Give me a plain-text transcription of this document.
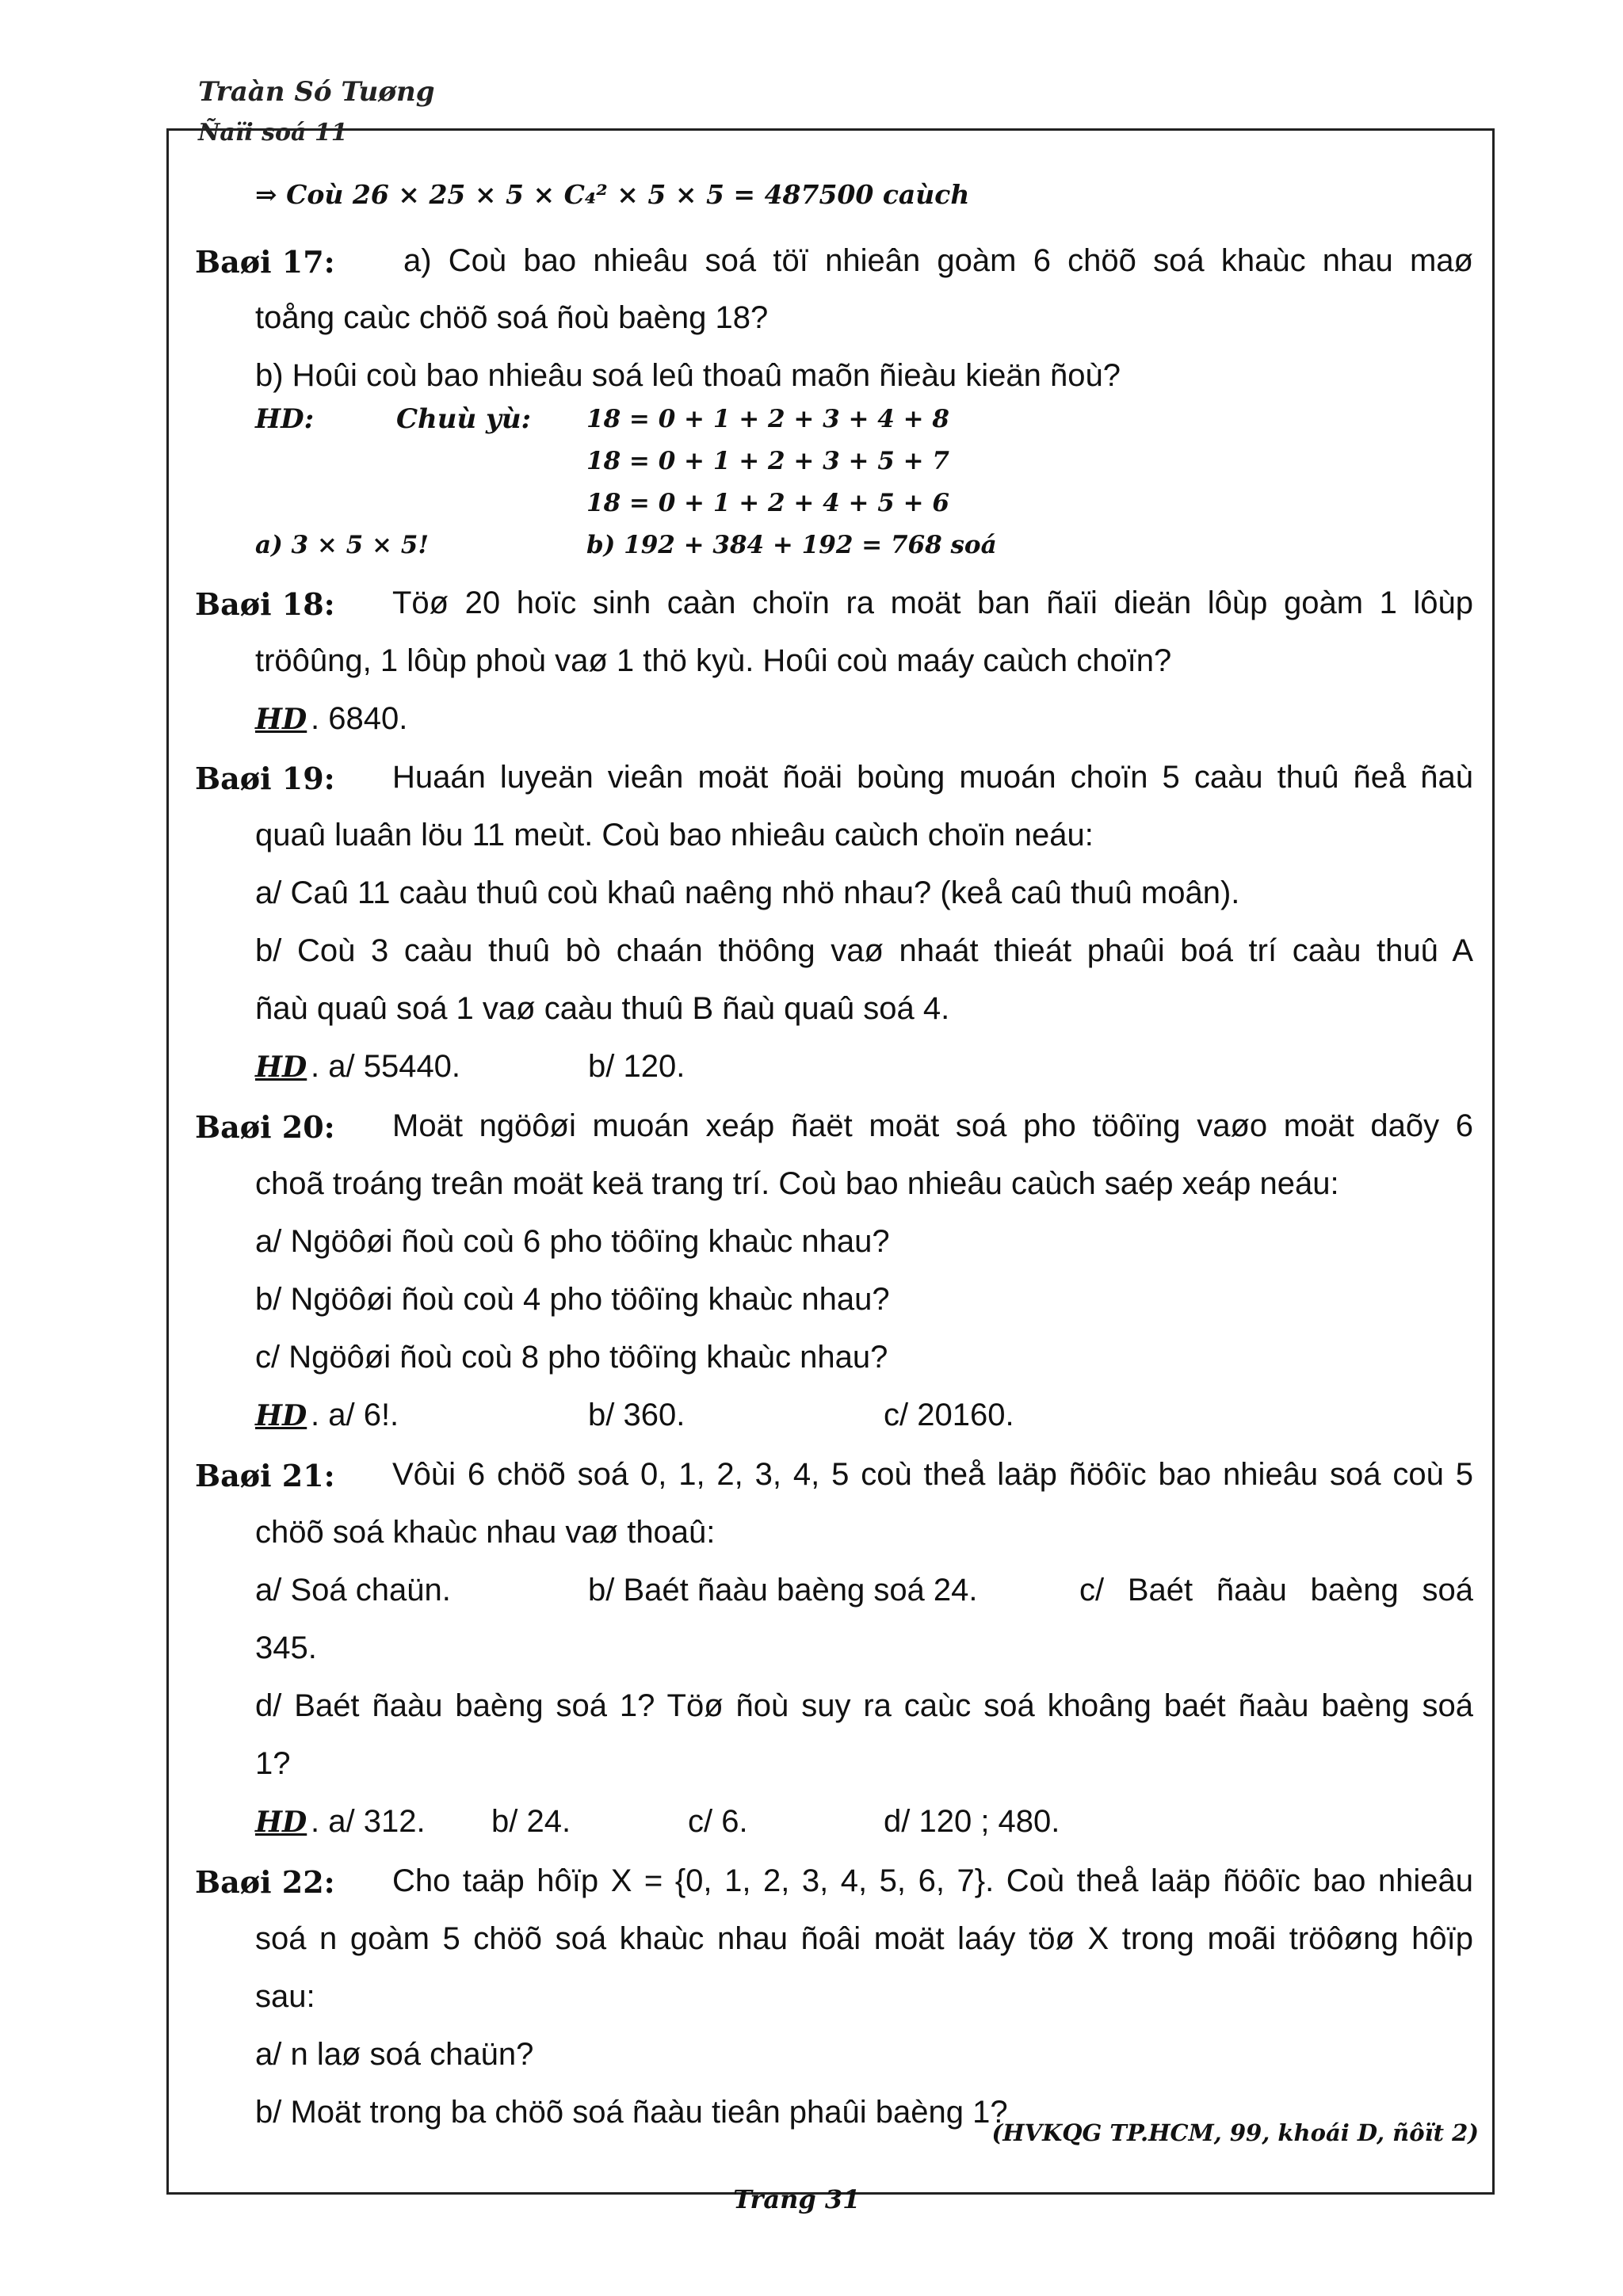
Traàn Só Tuøng
Ñaïi soá 11
⇒ Coù 26 × 25 × 5 × C₄² × 5 × 5 = 487500 caùch
Baøi 17: a) Coù bao nhieâu soá töï nhieân goàm 6 chöõ soá khaùc nhau maø
toång caùc chöõ soá ñoù baèng 18?
b) Hoûi coù bao nhieâu soá leû thoaû maõn ñieàu kieän ñoù?
HD:	Chuù yù: 18 = 0 + 1 + 2 + 3 + 4 + 8
18 = 0 + 1 + 2 + 3 + 5 + 7
18 = 0 + 1 + 2 + 4 + 5 + 6
a) 3 × 5 × 5!	b) 192 + 384 + 192 = 768 soá
Baøi 18: Töø 20 hoïc sinh caàn choïn ra moät ban ñaïi dieän lôùp goàm 1 lôùp
tröôûng, 1 lôùp phoù vaø 1 thö kyù. Hoûi coù maáy caùch choïn?
HD . 6840.
Baøi 19: Huaán luyeän vieân moät ñoäi boùng muoán choïn 5 caàu thuû ñeå ñaù
quaû luaân löu 11 meùt. Coù bao nhieâu caùch choïn neáu:
a/ Caû 11 caàu thuû coù khaû naêng nhö nhau? (keå caû thuû moân).
b/ Coù 3 caàu thuû bò chaán thöông vaø nhaát thieát phaûi boá trí caàu thuû A
ñaù quaû soá 1 vaø caàu thuû B ñaù quaû soá 4.
HD . a/ 55440.	b/ 120.
Baøi 20: Moät ngöôøi muoán xeáp ñaët moät soá pho töôïng vaøo moät daõy 6
choã troáng treân moät keä trang trí. Coù bao nhieâu caùch saép xeáp neáu:
a/ Ngöôøi ñoù coù 6 pho töôïng khaùc nhau?
b/ Ngöôøi ñoù coù 4 pho töôïng khaùc nhau?
c/ Ngöôøi ñoù coù 8 pho töôïng khaùc nhau?
HD . a/ 6!.	b/ 360.	c/ 20160.
Baøi 21: Vôùi 6 chöõ soá 0, 1, 2, 3, 4, 5 coù theå laäp ñöôïc bao nhieâu soá coù 5
chöõ soá khaùc nhau vaø thoaû:
a/ Soá chaün.	b/ Baét ñaàu baèng soá 24.	c/ Baét ñaàu baèng soá
345.
d/ Baét ñaàu baèng soá 1? Töø ñoù suy ra caùc soá khoâng baét ñaàu baèng soá
1?
HD . a/ 312. b/ 24.	c/ 6.	d/ 120 ; 480.
Baøi 22: Cho taäp hôïp X = {0, 1, 2, 3, 4, 5, 6, 7}. Coù theå laäp ñöôïc bao nhieâu
soá n goàm 5 chöõ soá khaùc nhau ñoâi moät laáy töø X trong moãi tröôøng hôïp
sau:
a/ n laø soá chaün?
b/ Moät trong ba chöõ soá ñaàu tieân phaûi baèng 1?
(HVKQG TP.HCM, 99, khoái D, ñôït 2)
Trang 31
